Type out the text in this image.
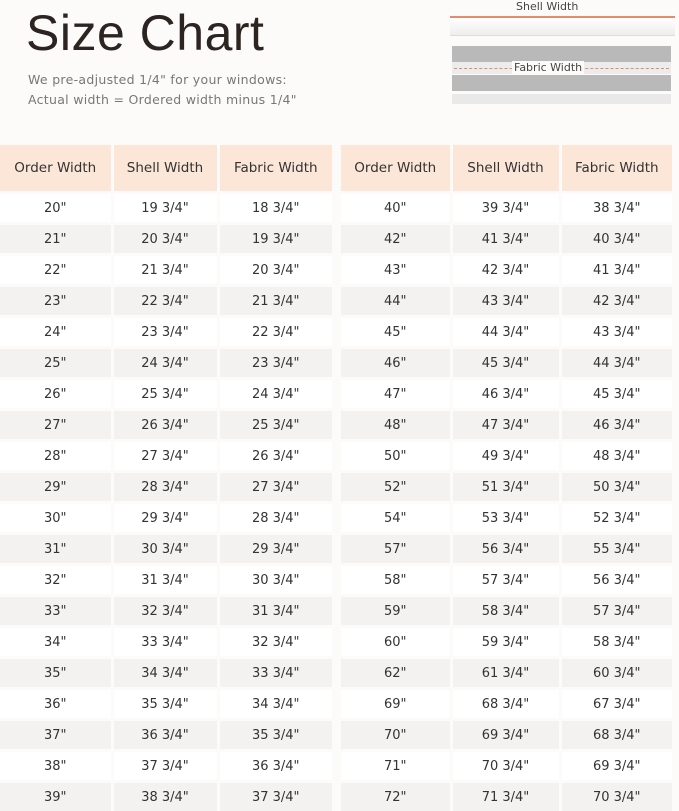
Size Chart
We pre-adjusted 1/4" for your windows:
Actual width = Ordered width minus 1/4"
Shell Width
Fabric Width
Order Width	Shell Width	Fabric Width
20"	19 3/4"	18 3/4"
21"	20 3/4"	19 3/4"
22"	21 3/4"	20 3/4"
23"	22 3/4"	21 3/4"
24"	23 3/4"	22 3/4"
25"	24 3/4"	23 3/4"
26"	25 3/4"	24 3/4"
27"	26 3/4"	25 3/4"
28"	27 3/4"	26 3/4"
29"	28 3/4"	27 3/4"
30"	29 3/4"	28 3/4"
31"	30 3/4"	29 3/4"
32"	31 3/4"	30 3/4"
33"	32 3/4"	31 3/4"
34"	33 3/4"	32 3/4"
35"	34 3/4"	33 3/4"
36"	35 3/4"	34 3/4"
37"	36 3/4"	35 3/4"
38"	37 3/4"	36 3/4"
39"	38 3/4"	37 3/4"
Order Width	Shell Width	Fabric Width
40"	39 3/4"	38 3/4"
42"	41 3/4"	40 3/4"
43"	42 3/4"	41 3/4"
44"	43 3/4"	42 3/4"
45"	44 3/4"	43 3/4"
46"	45 3/4"	44 3/4"
47"	46 3/4"	45 3/4"
48"	47 3/4"	46 3/4"
50"	49 3/4"	48 3/4"
52"	51 3/4"	50 3/4"
54"	53 3/4"	52 3/4"
57"	56 3/4"	55 3/4"
58"	57 3/4"	56 3/4"
59"	58 3/4"	57 3/4"
60"	59 3/4"	58 3/4"
62"	61 3/4"	60 3/4"
69"	68 3/4"	67 3/4"
70"	69 3/4"	68 3/4"
71"	70 3/4"	69 3/4"
72"	71 3/4"	70 3/4"
